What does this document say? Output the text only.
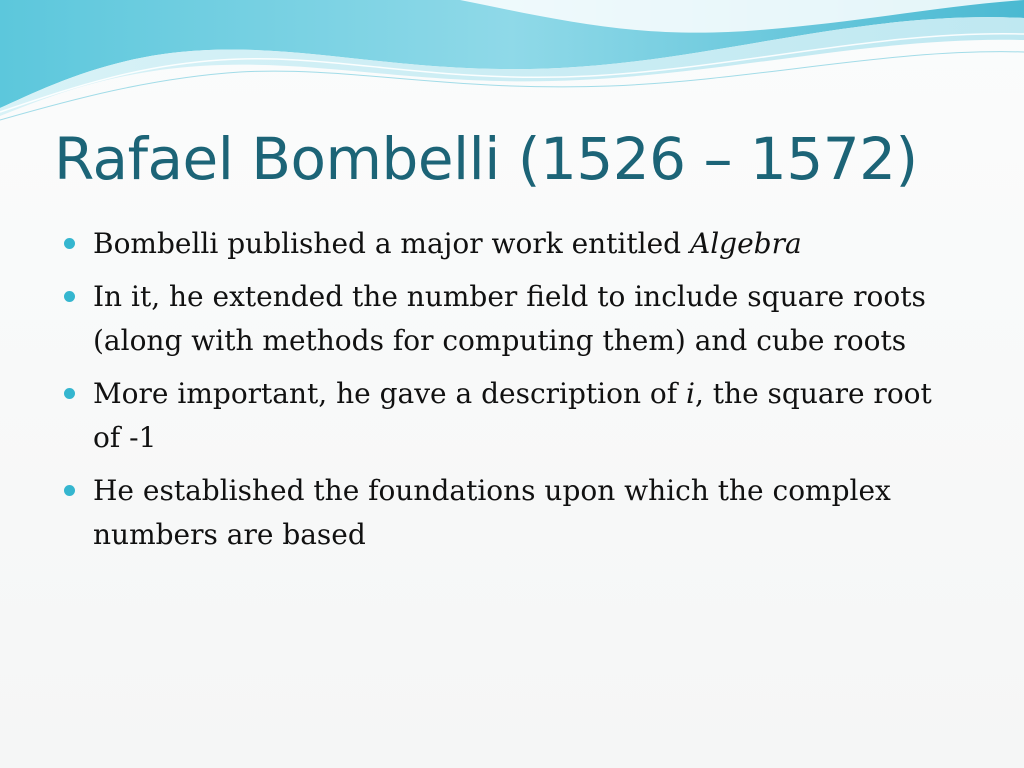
Rafael Bombelli (1526 – 1572)
Bombelli published a major work entitled Algebra
In it, he extended the number field to include square roots (along with methods for computing them) and cube roots
More important, he gave a description of i, the square root of -1
He established the foundations upon which the complex numbers are based
